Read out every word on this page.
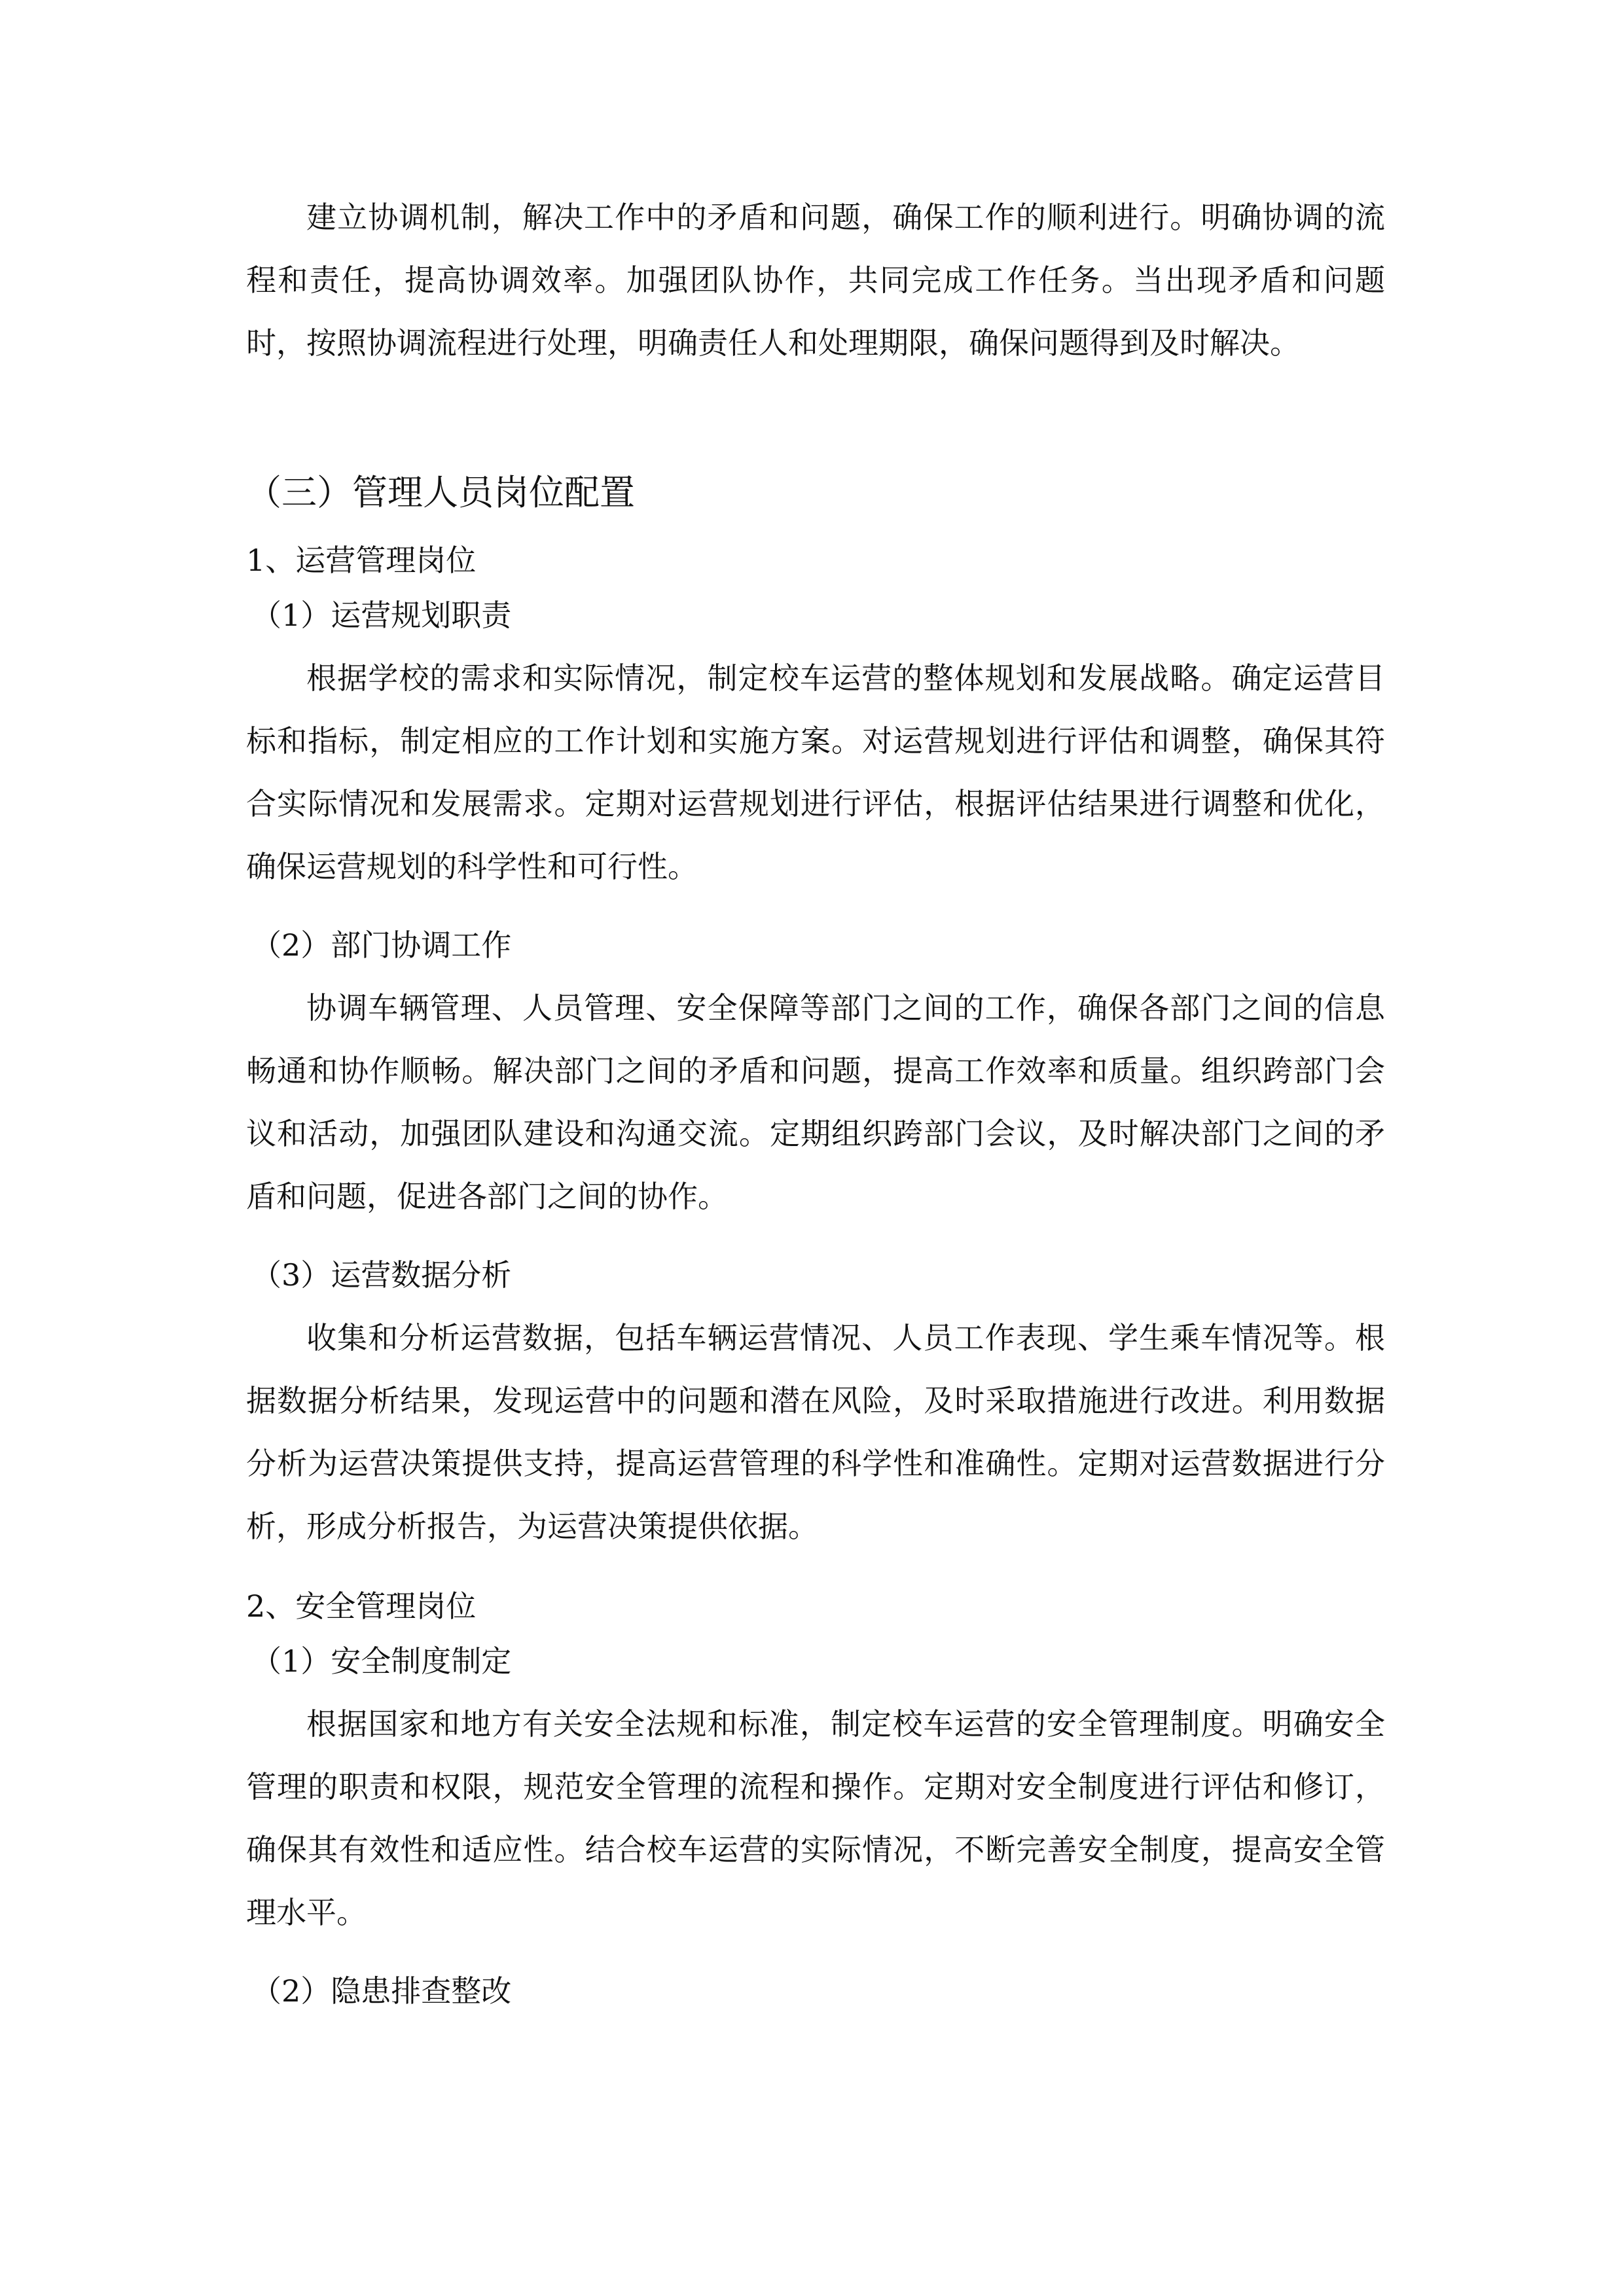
建立协调机制，解决工作中的矛盾和问题，确保工作的顺利进行。明确协调的流程和责任，提高协调效率。加强团队协作，共同完成工作任务。当出现矛盾和问题时，按照协调流程进行处理，明确责任人和处理期限，确保问题得到及时解决。

（三）管理人员岗位配置
1、运营管理岗位
（1）运营规划职责

根据学校的需求和实际情况，制定校车运营的整体规划和发展战略。确定运营目标和指标，制定相应的工作计划和实施方案。对运营规划进行评估和调整，确保其符合实际情况和发展需求。定期对运营规划进行评估，根据评估结果进行调整和优化，确保运营规划的科学性和可行性。

（2）部门协调工作

协调车辆管理、人员管理、安全保障等部门之间的工作，确保各部门之间的信息畅通和协作顺畅。解决部门之间的矛盾和问题，提高工作效率和质量。组织跨部门会议和活动，加强团队建设和沟通交流。定期组织跨部门会议，及时解决部门之间的矛盾和问题，促进各部门之间的协作。

（3）运营数据分析

收集和分析运营数据，包括车辆运营情况、人员工作表现、学生乘车情况等。根据数据分析结果，发现运营中的问题和潜在风险，及时采取措施进行改进。利用数据分析为运营决策提供支持，提高运营管理的科学性和准确性。定期对运营数据进行分析，形成分析报告，为运营决策提供依据。

2、安全管理岗位
（1）安全制度制定

根据国家和地方有关安全法规和标准，制定校车运营的安全管理制度。明确安全管理的职责和权限，规范安全管理的流程和操作。定期对安全制度进行评估和修订，确保其有效性和适应性。结合校车运营的实际情况，不断完善安全制度，提高安全管理水平。

（2）隐患排查整改
